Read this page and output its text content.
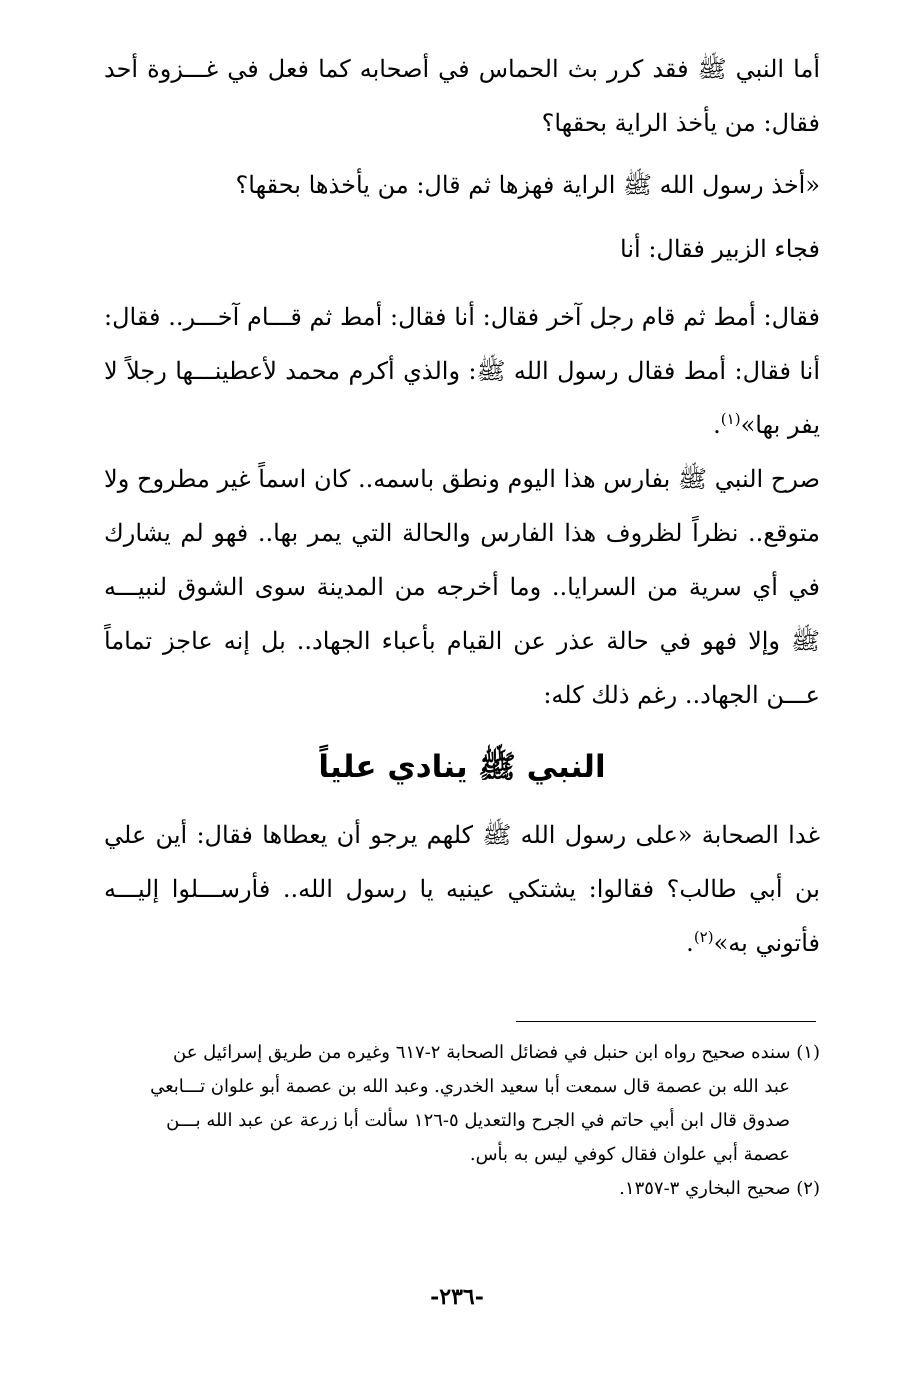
أما النبي ﷺ فقد كرر بث الحماس في أصحابه كما فعل في غـــزوة أحد فقال: من يأخذ الراية بحقها؟
«أخذ رسول الله ﷺ الراية فهزها ثم قال: من يأخذها بحقها؟
فجاء الزبير فقال: أنا
فقال: أمط ثم قام رجل آخر فقال: أنا فقال: أمط ثم قـــام آخـــر.. فقال: أنا فقال: أمط فقال رسول الله ﷺ: والذي أكرم محمد لأعطينـــها رجلاً لا يفر بها»$^{(١)}$.
صرح النبي ﷺ بفارس هذا اليوم ونطق باسمه.. كان اسماً غير مطروح ولا متوقع.. نظراً لظروف هذا الفارس والحالة التي يمر بها.. فهو لم يشارك في أي سرية من السرايا.. وما أخرجه من المدينة سوى الشوق لنبيـــه ﷺ وإلا فهو في حالة عذر عن القيام بأعباء الجهاد.. بل إنه عاجز تماماً عـــن الجهاد.. رغم ذلك كله:
النبي ﷺ ينادي علياً
غدا الصحابة «على رسول الله ﷺ كلهم يرجو أن يعطاها فقال: أين علي بن أبي طالب؟ فقالوا: يشتكي عينيه يا رسول الله.. فأرســـلوا إليـــه فأتوني به»$^{(٢)}$.
(١) سنده صحيح رواه ابن حنبل في فضائل الصحابة ٢-٦١٧ وغيره من طريق إسرائيل عن
عبد الله بن عصمة قال سمعت أبا سعيد الخدري. وعبد الله بن عصمة أبو علوان تـــابعي
صدوق قال ابن أبي حاتم في الجرح والتعديل ٥-١٢٦ سألت أبا زرعة عن عبد الله بـــن
عصمة أبي علوان فقال كوفي ليس به بأس.
(٢) صحيح البخاري ٣-١٣٥٧.
-٢٣٦-
